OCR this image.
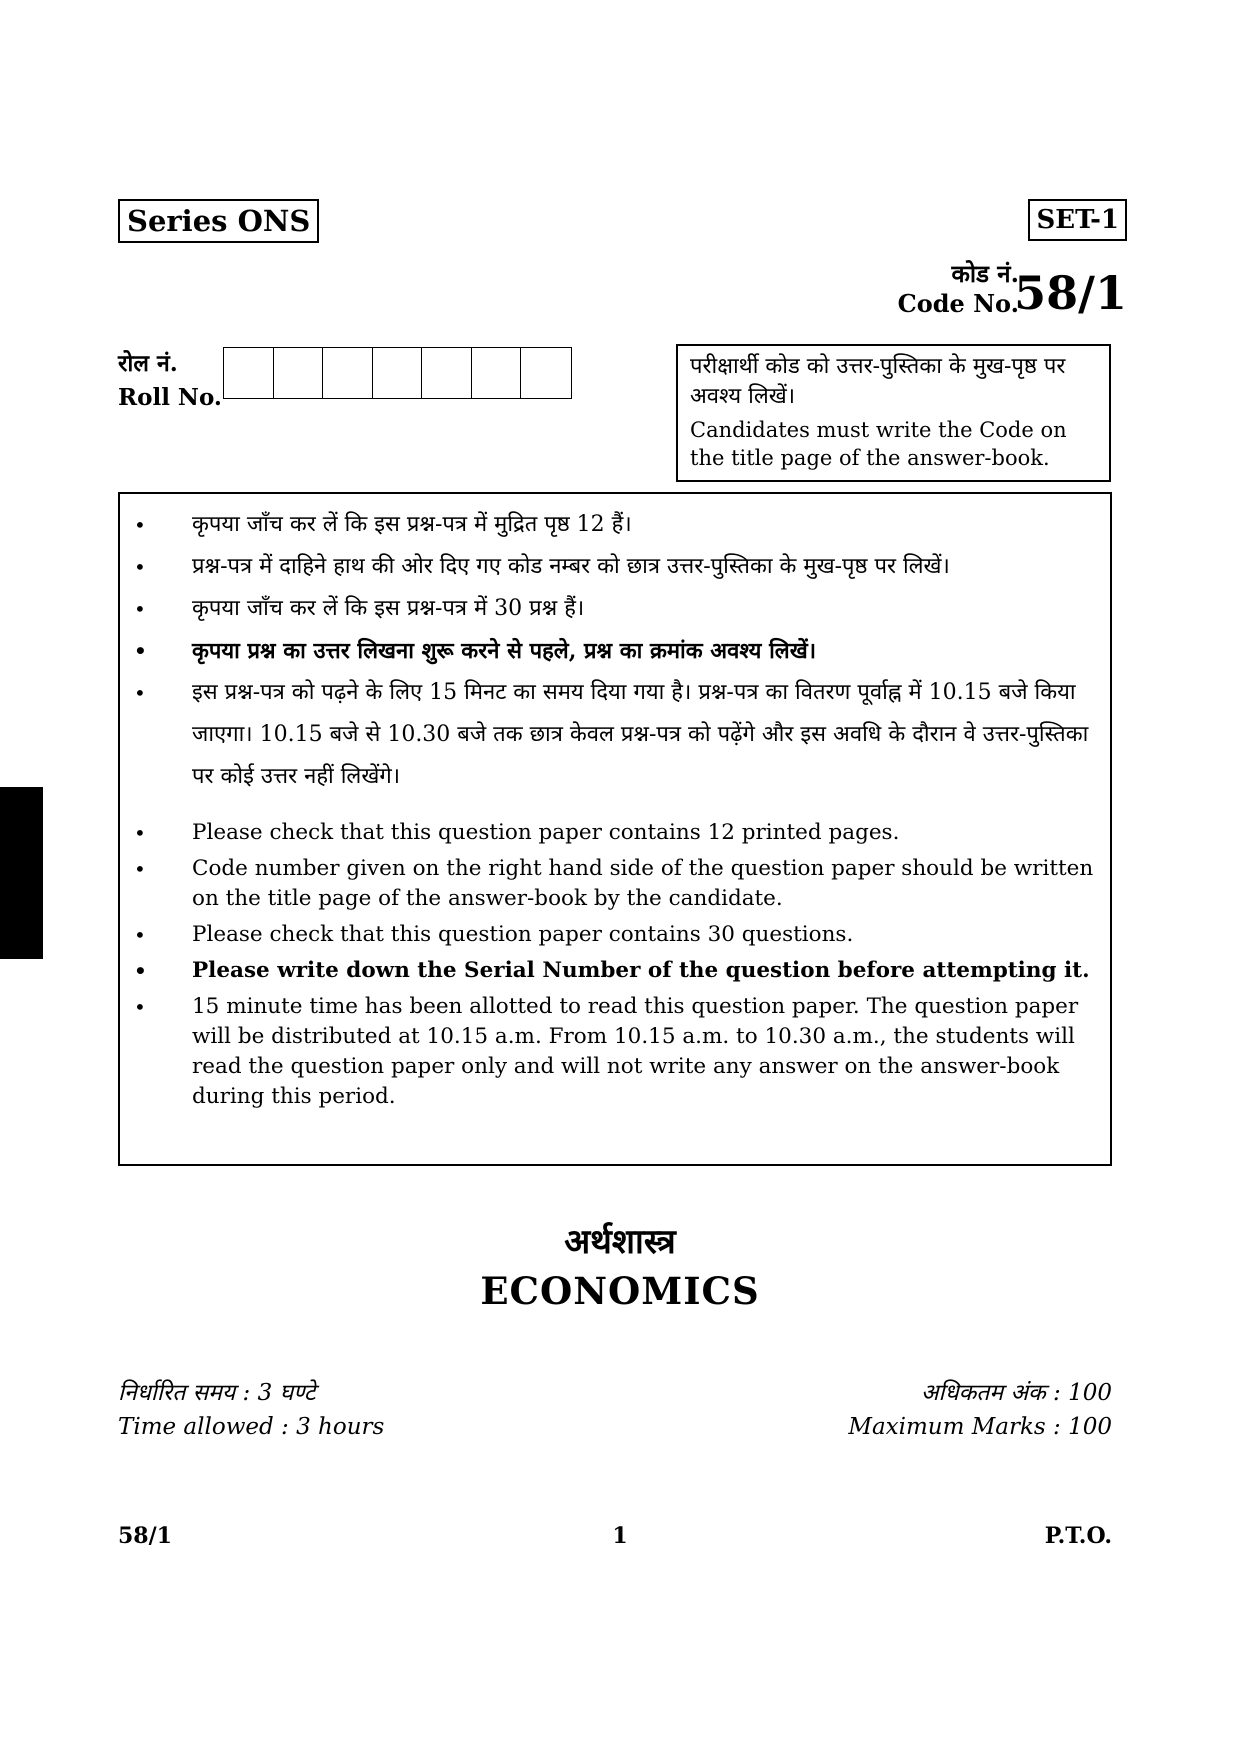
Series ONS	SET-1
कोड नं.
Code No.
58/1
रोल नं.
Roll No.
परीक्षार्थी कोड को उत्तर-पुस्तिका के मुख-पृष्ठ पर अवश्य लिखें।
Candidates must write the Code on the title page of the answer-book.
•	कृपया जाँच कर लें कि इस प्रश्न-पत्र में मुद्रित पृष्ठ 12 हैं।
•	प्रश्न-पत्र में दाहिने हाथ की ओर दिए गए कोड नम्बर को छात्र उत्तर-पुस्तिका के मुख-पृष्ठ पर लिखें।
•	कृपया जाँच कर लें कि इस प्रश्न-पत्र में 30 प्रश्न हैं।
•	कृपया प्रश्न का उत्तर लिखना शुरू करने से पहले, प्रश्न का क्रमांक अवश्य लिखें।
•	इस प्रश्न-पत्र को पढ़ने के लिए 15 मिनट का समय दिया गया है। प्रश्न-पत्र का वितरण पूर्वाह्न में 10.15 बजे किया जाएगा। 10.15 बजे से 10.30 बजे तक छात्र केवल प्रश्न-पत्र को पढ़ेंगे और इस अवधि के दौरान वे उत्तर-पुस्तिका पर कोई उत्तर नहीं लिखेंगे।
•	Please check that this question paper contains 12 printed pages.
•	Code number given on the right hand side of the question paper should be written on the title page of the answer-book by the candidate.
•	Please check that this question paper contains 30 questions.
•	Please write down the Serial Number of the question before attempting it.
•	15 minute time has been allotted to read this question paper. The question paper will be distributed at 10.15 a.m. From 10.15 a.m. to 10.30 a.m., the students will read the question paper only and will not write any answer on the answer-book during this period.
अर्थशास्त्र
ECONOMICS
निर्धारित समय : 3 घण्टे
Time allowed : 3 hours
अधिकतम अंक : 100
Maximum Marks : 100
58/1	1	P.T.O.
